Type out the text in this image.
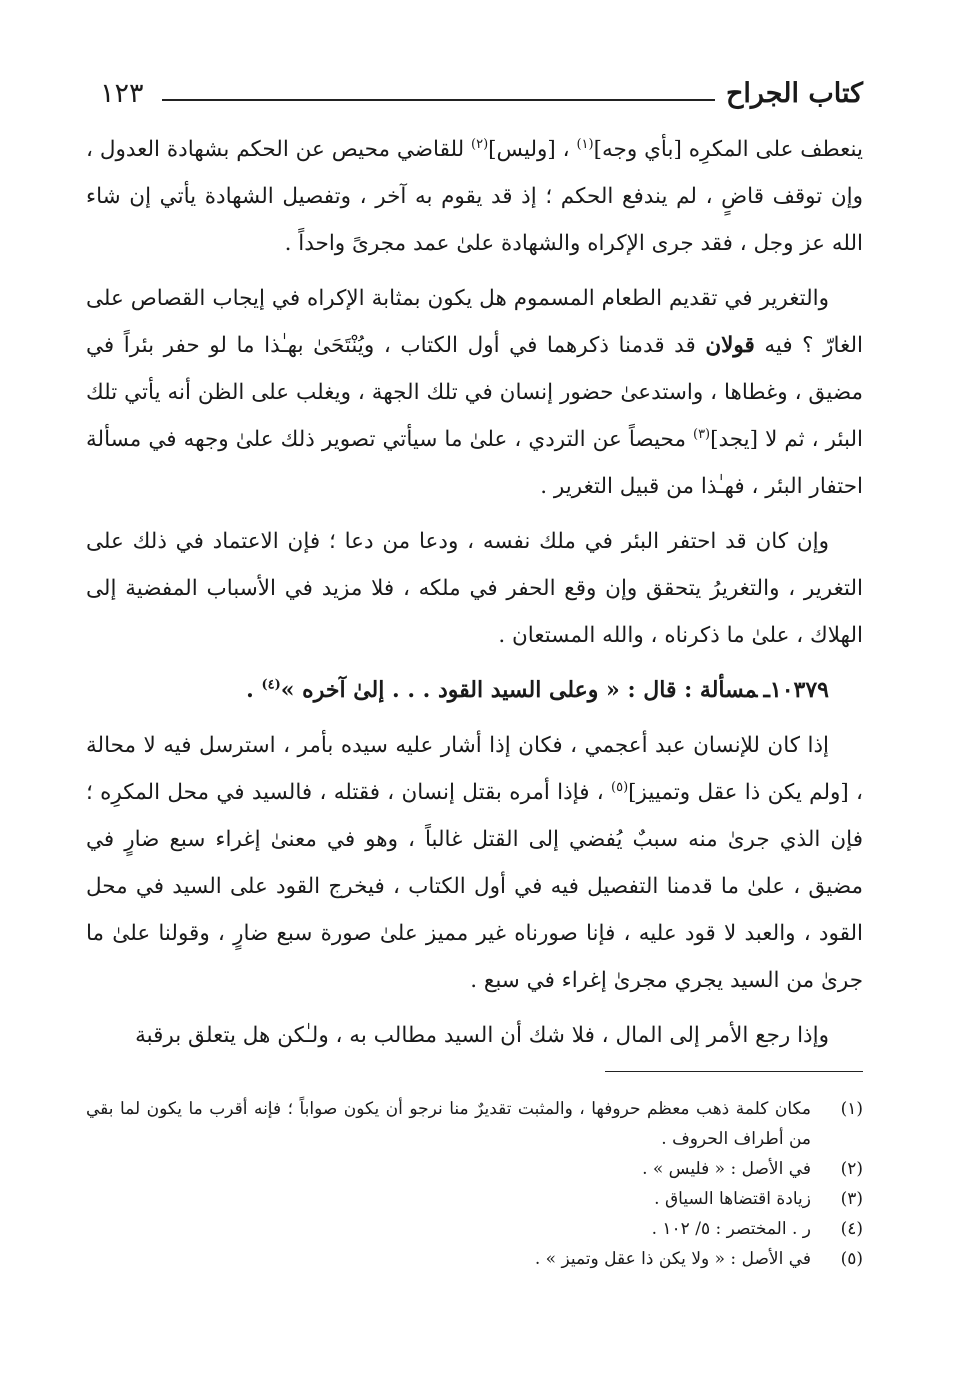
كتاب الجراح
١٢٣

ينعطف على المكرِه [بأي وجه]$^{(١)}$ ، [وليس]$^{(٢)}$ للقاضي محيص عن الحكم بشهادة العدول ، وإن توقف قاضٍ ، لم يندفع الحكم ؛ إذ قد يقوم به آخر ، وتفصيل الشهادة يأتي إن شاء الله عز وجل ، فقد جرى الإكراه والشهادة علىٰ عمد مجرىً واحداً .

والتغرير في تقديم الطعام المسموم هل يكون بمثابة الإكراه في إيجاب القصاص على الغارّ ؟ فيه قولان قد قدمنا ذكرهما في أول الكتاب ، ويُنْتَحَىٰ بهـٰذا ما لو حفر بئراً في مضيق ، وغطاها ، واستدعىٰ حضور إنسان في تلك الجهة ، ويغلب على الظن أنه يأتي تلك البئر ، ثم لا [يجد]$^{(٣)}$ محيصاً عن التردي ، علىٰ ما سيأتي تصوير ذلك علىٰ وجهه في مسألة احتفار البئر ، فهـٰذا من قبيل التغرير .

وإن كان قد احتفر البئر في ملك نفسه ، ودعا من دعا ؛ فإن الاعتماد في ذلك على التغرير ، والتغريرُ يتحقق وإن وقع الحفر في ملكه ، فلا مزيد في الأسباب المفضية إلى الهلاك ، علىٰ ما ذكرناه ، والله المستعان .

١٠٣٧٩ـمسألة : قال : « وعلى السيد القود . . . إلىٰ آخره »$^{(٤)}$ .

إذا كان للإنسان عبد أعجمي ، فكان إذا أشار عليه سيده بأمر ، استرسل فيه لا محالة ، [ولم يكن ذا عقل وتمييز]$^{(٥)}$ ، فإذا أمره بقتل إنسان ، فقتله ، فالسيد في محل المكرِه ؛ فإن الذي جرىٰ منه سببٌ يُفضي إلى القتل غالباً ، وهو في معنىٰ إغراء سبع ضارٍ في مضيق ، علىٰ ما قدمنا التفصيل فيه في أول الكتاب ، فيخرج القود على السيد في محل القود ، والعبد لا قود عليه ، فإنا صورناه غير مميز علىٰ صورة سبع ضارٍ ، وقولنا علىٰ ما جرىٰ من السيد يجري مجرىٰ إغراء في سبع .

وإذا رجع الأمر إلى المال ، فلا شك أن السيد مطالب به ، ولـٰكن هل يتعلق برقبة

(١)
مكان كلمة ذهب معظم حروفها ، والمثبت تقديرٌ منا نرجو أن يكون صواباً ؛ فإنه أقرب ما يكون لما بقي من أطراف الحروف .
(٢)
في الأصل : « فليس » .
(٣)
زيادة اقتضاها السياق .
(٤)
ر . المختصر : ٥/ ١٠٢ .
(٥)
في الأصل : « ولا يكن ذا عقل وتميز » .
